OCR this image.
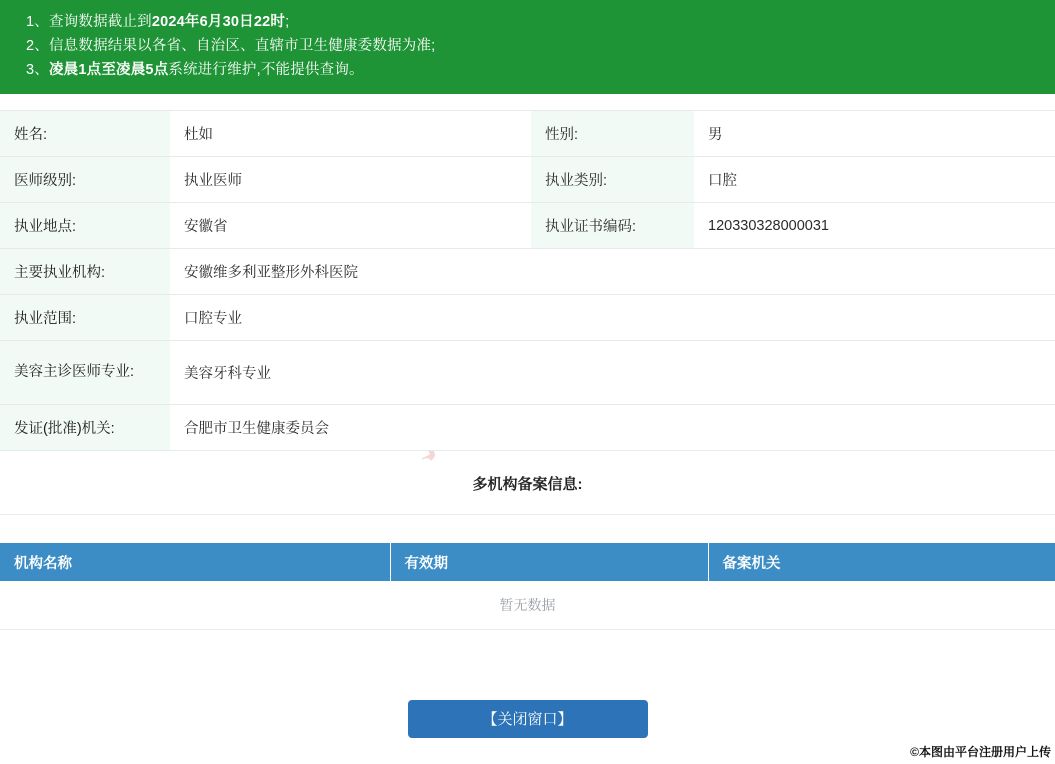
1、 查询数据截止到2024年6月30日22时;
2、 信息数据结果以各省、自治区、直辖市卫生健康委数据为准;
3、 凌晨1点至凌晨5点系统进行维护,不能提供查询。
姓名:	杜如	性别:	男
医师级别:	执业医师	执业类别:	口腔
执业地点:	安徽省	执业证书编码:	120330328000031
主要执业机构:	安徽维多利亚整形外科医院		
执业范围:	口腔专业		
美容主诊医师专业:	美容牙科专业		
发证(批准)机关:	合肥市卫生健康委员会		
多机构备案信息:
机构名称	有效期	备案机关
暂无数据
【关闭窗口】
©本图由平台注册用户上传
